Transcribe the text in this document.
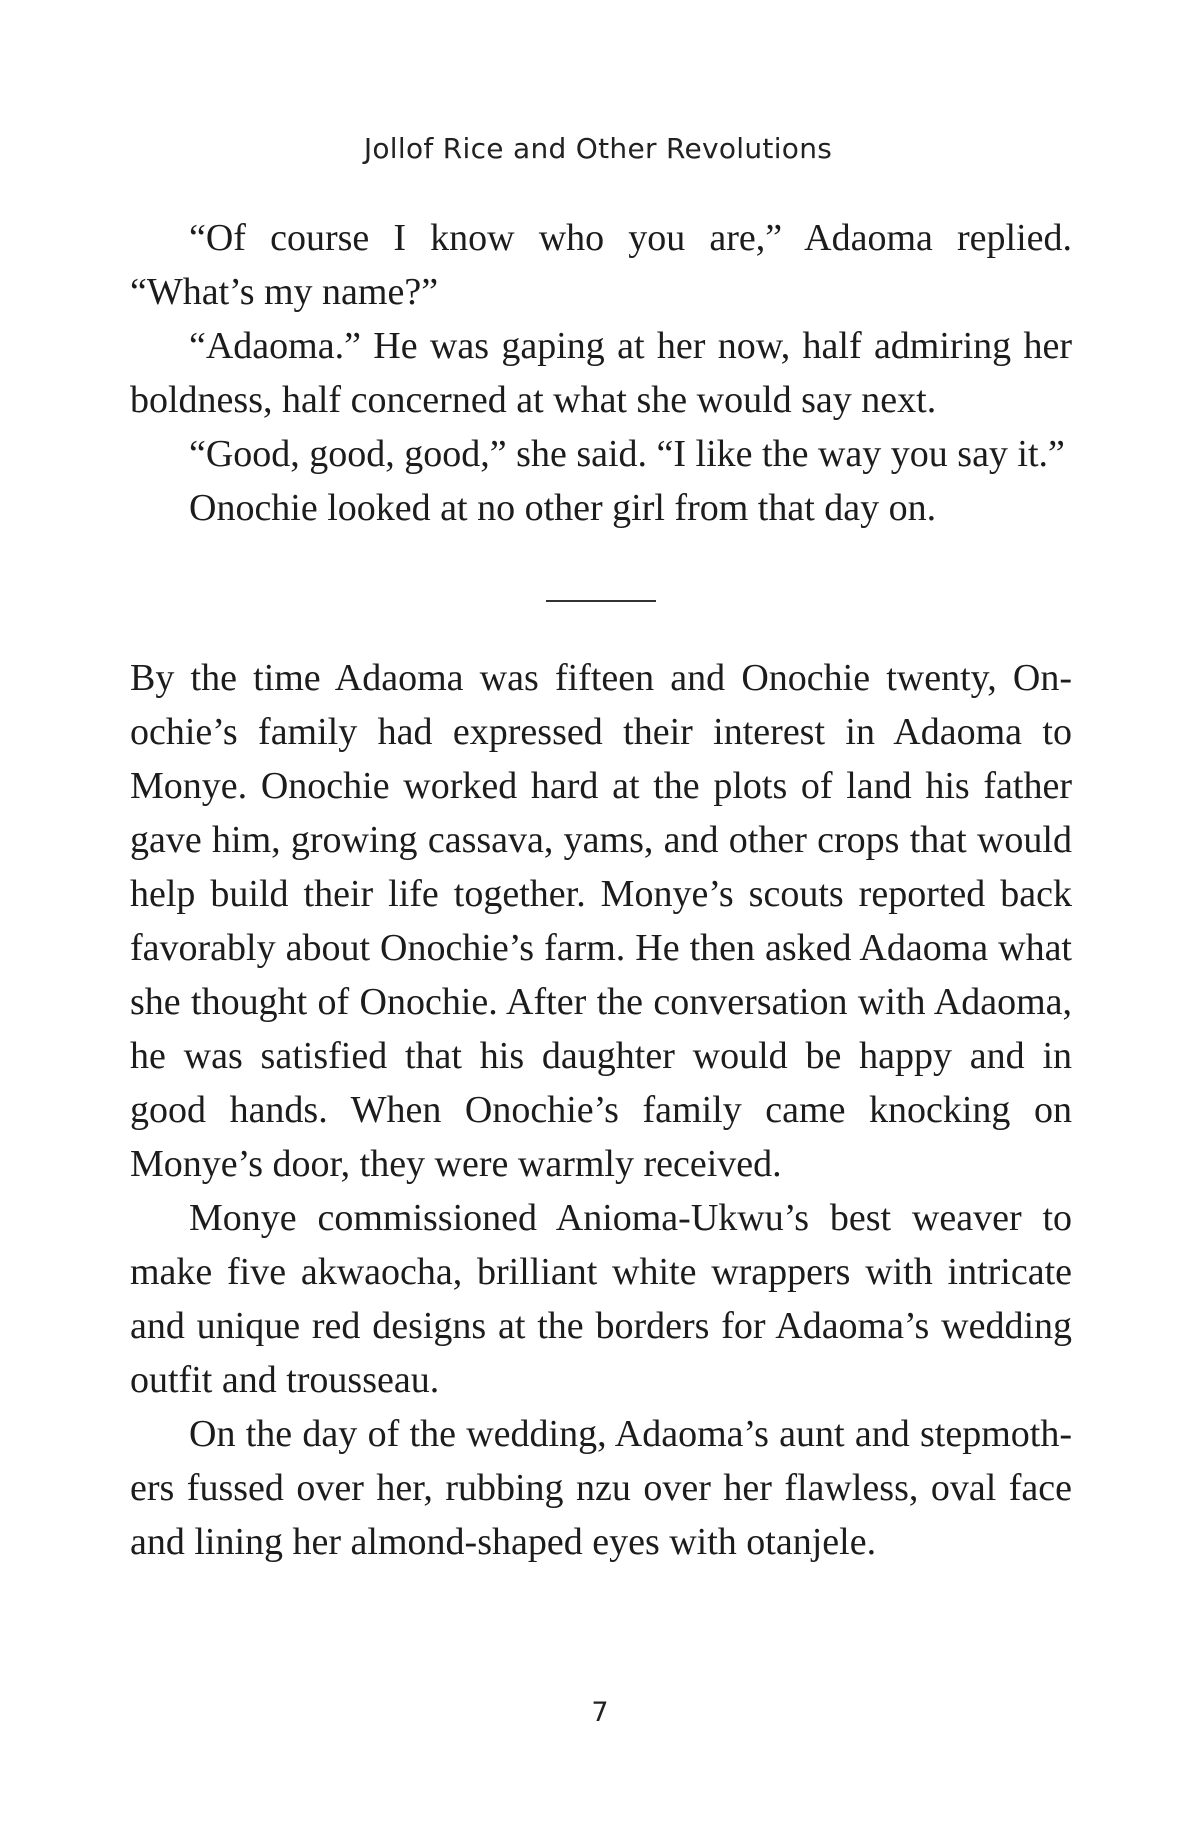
Jollof Rice and Other Revolutions

“Of course I know who you are,” Adaoma replied. “What’s my name?”

“Adaoma.” He was gaping at her now, half admiring her boldness, half concerned at what she would say next.

“Good, good, good,” she said. “I like the way you say it.”

Onochie looked at no other girl from that day on.

By the time Adaoma was fifteen and Onochie twenty, Onochie’s family had expressed their interest in Adaoma to Monye. Onochie worked hard at the plots of land his father gave him, growing cassava, yams, and other crops that would help build their life together. Monye’s scouts reported back favorably about Onochie’s farm. He then asked Adaoma what she thought of Onochie. After the conversation with Adaoma, he was satisfied that his daughter would be happy and in good hands. When Onochie’s family came knocking on Monye’s door, they were warmly received.

Monye commissioned Anioma-Ukwu’s best weaver to make five akwaocha, brilliant white wrappers with intricate and unique red designs at the borders for Adaoma’s wedding outfit and trousseau.

On the day of the wedding, Adaoma’s aunt and stepmothers fussed over her, rubbing nzu over her flawless, oval face and lining her almond-shaped eyes with otanjele.

7
